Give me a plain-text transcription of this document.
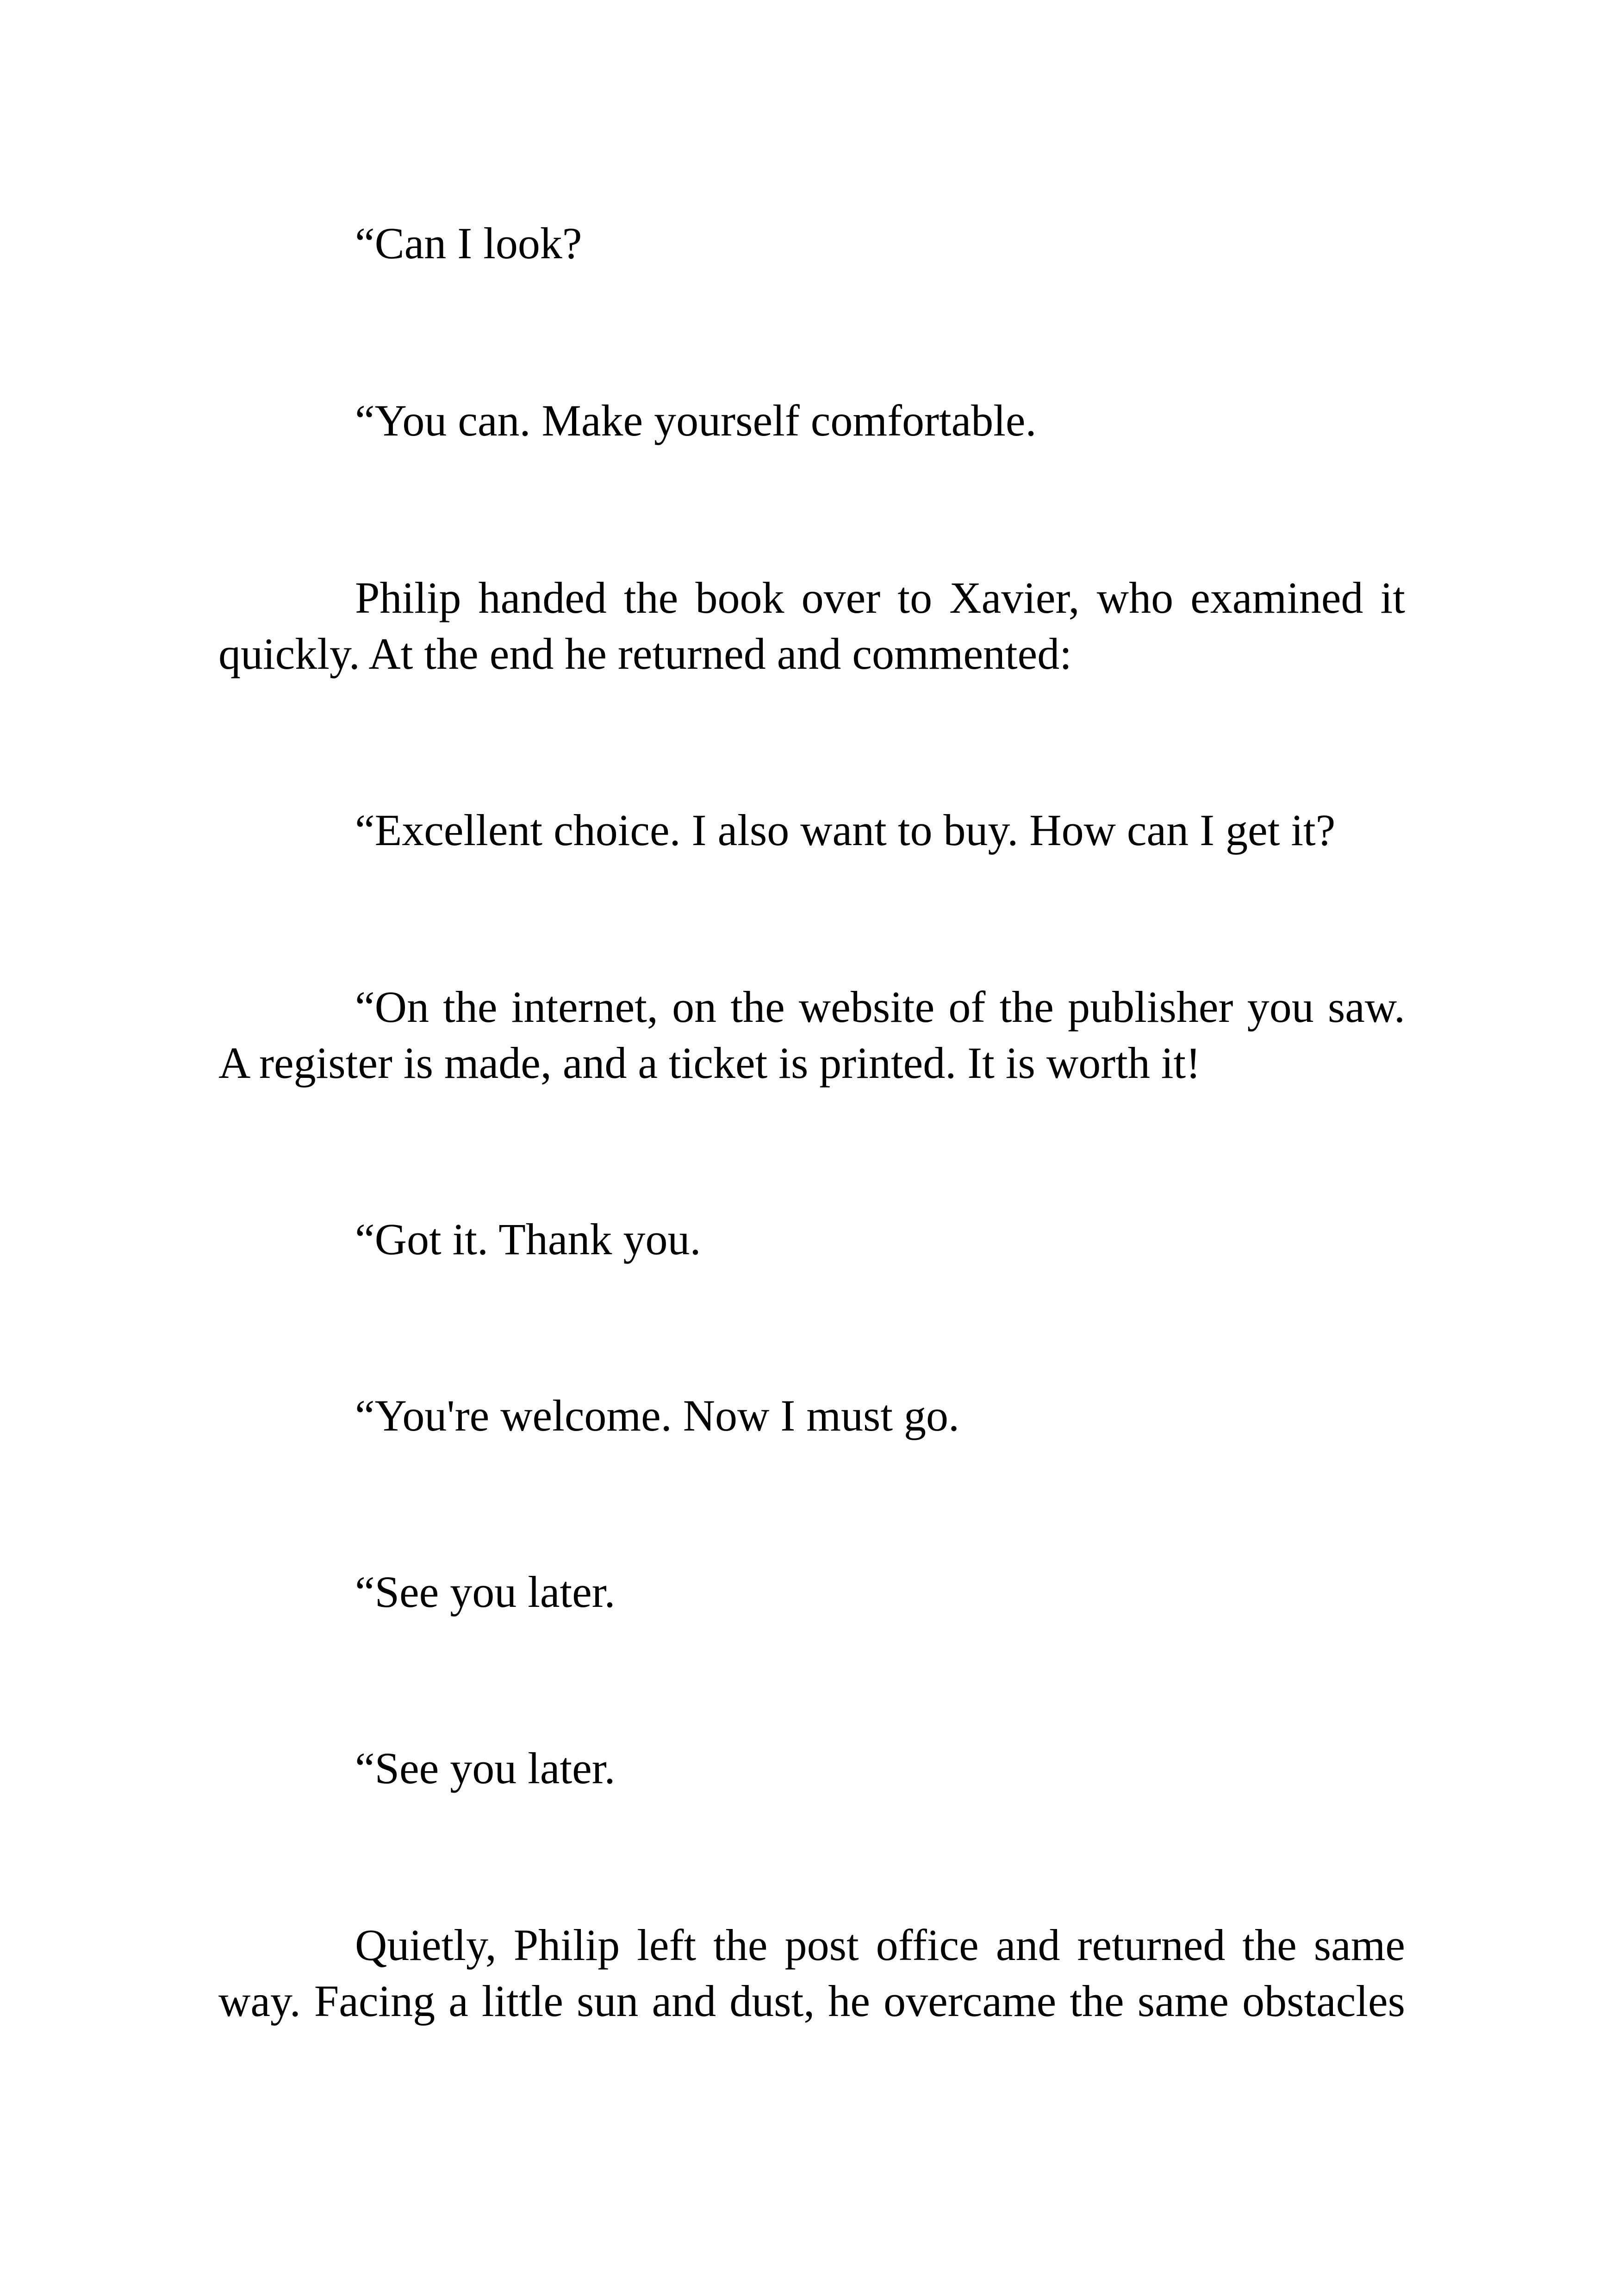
“Can I look?

“You can. Make yourself comfortable.

Philip handed the book over to Xavier, who examined it

quickly. At the end he returned and commented:

“Excellent choice. I also want to buy. How can I get it?

“On the internet, on the website of the publisher you saw.

A register is made, and a ticket is printed. It is worth it!

“Got it. Thank you.

“You're welcome. Now I must go.

“See you later.

“See you later.

Quietly, Philip left the post office and returned the same

way. Facing a little sun and dust, he overcame the same obstacles
